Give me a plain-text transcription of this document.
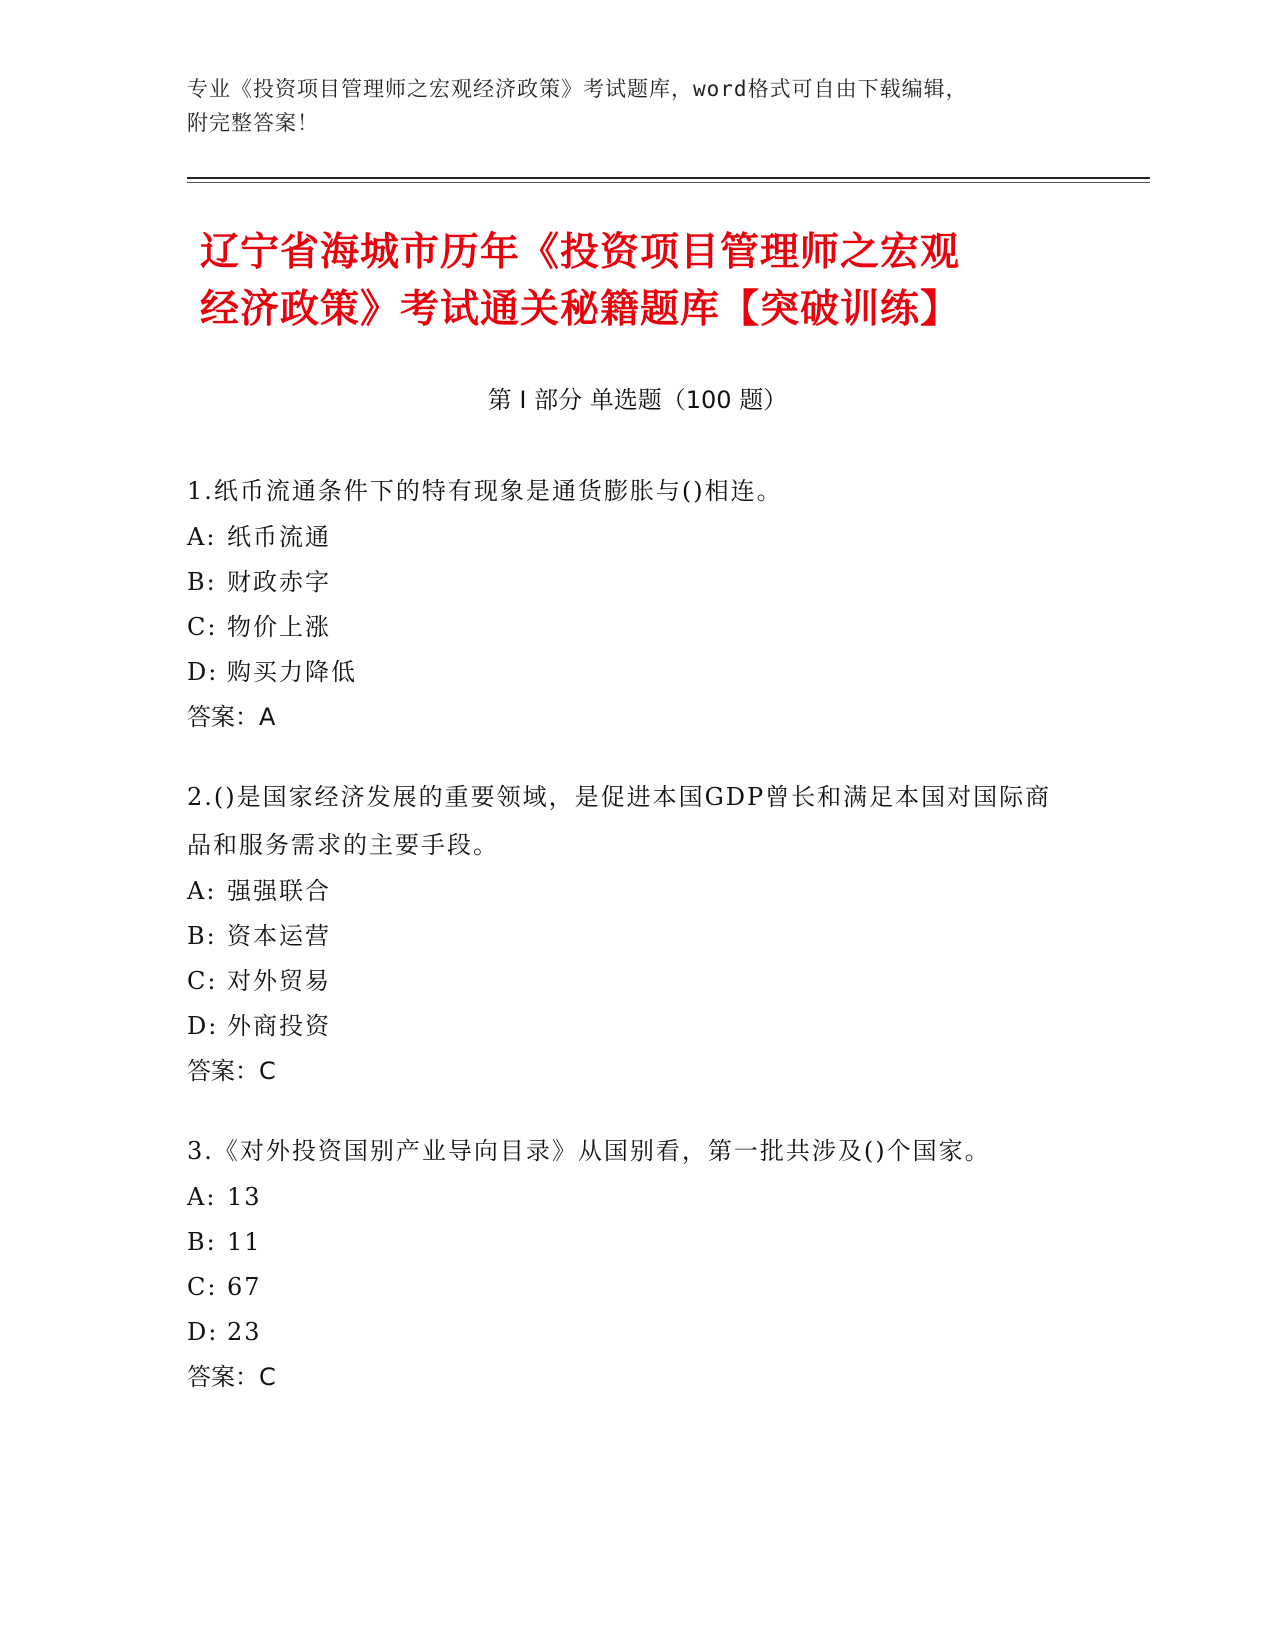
专业《投资项目管理师之宏观经济政策》考试题库，word格式可自由下载编辑，
附完整答案！
辽宁省海城市历年《投资项目管理师之宏观
经济政策》考试通关秘籍题库【突破训练】
第 I 部分 单选题（100 题）
1.纸币流通条件下的特有现象是通货膨胀与()相连。
A: 纸币流通
B: 财政赤字
C: 物价上涨
D: 购买力降低
答案：A
2.()是国家经济发展的重要领域，是促进本国GDP曾长和满足本国对国际商品和服务需求的主要手段。
A: 强强联合
B: 资本运营
C: 对外贸易
D: 外商投资
答案：C
3.《对外投资国别产业导向目录》从国别看，第一批共涉及()个国家。
A: 13
B: 11
C: 67
D: 23
答案：C
